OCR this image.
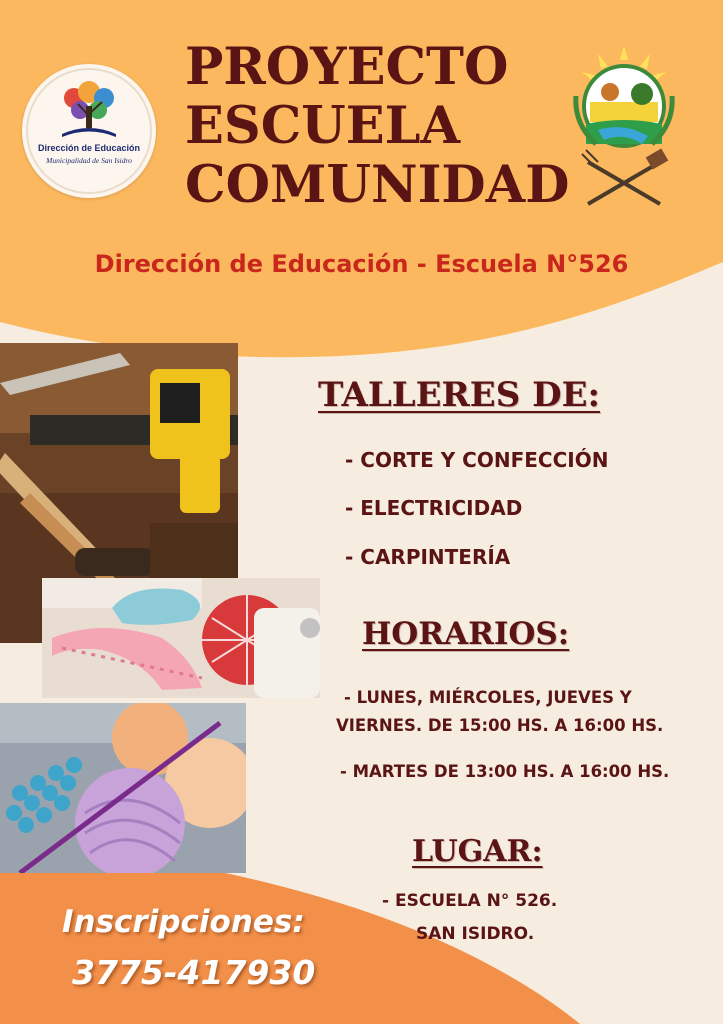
Dirección de Educación
Municipalidad de San Isidro
PROYECTO
ESCUELA
COMUNIDAD
Dirección de Educación - Escuela N°526
TALLERES DE:
- CORTE Y CONFECCIÓN
- ELECTRICIDAD
- CARPINTERÍA
HORARIOS:
- LUNES, MIÉRCOLES, JUEVES Y
VIERNES. DE 15:00 HS. A 16:00 HS.
- MARTES DE 13:00 HS. A 16:00 HS.
LUGAR:
- ESCUELA N° 526.
SAN ISIDRO.
Inscripciones:
3775-417930
